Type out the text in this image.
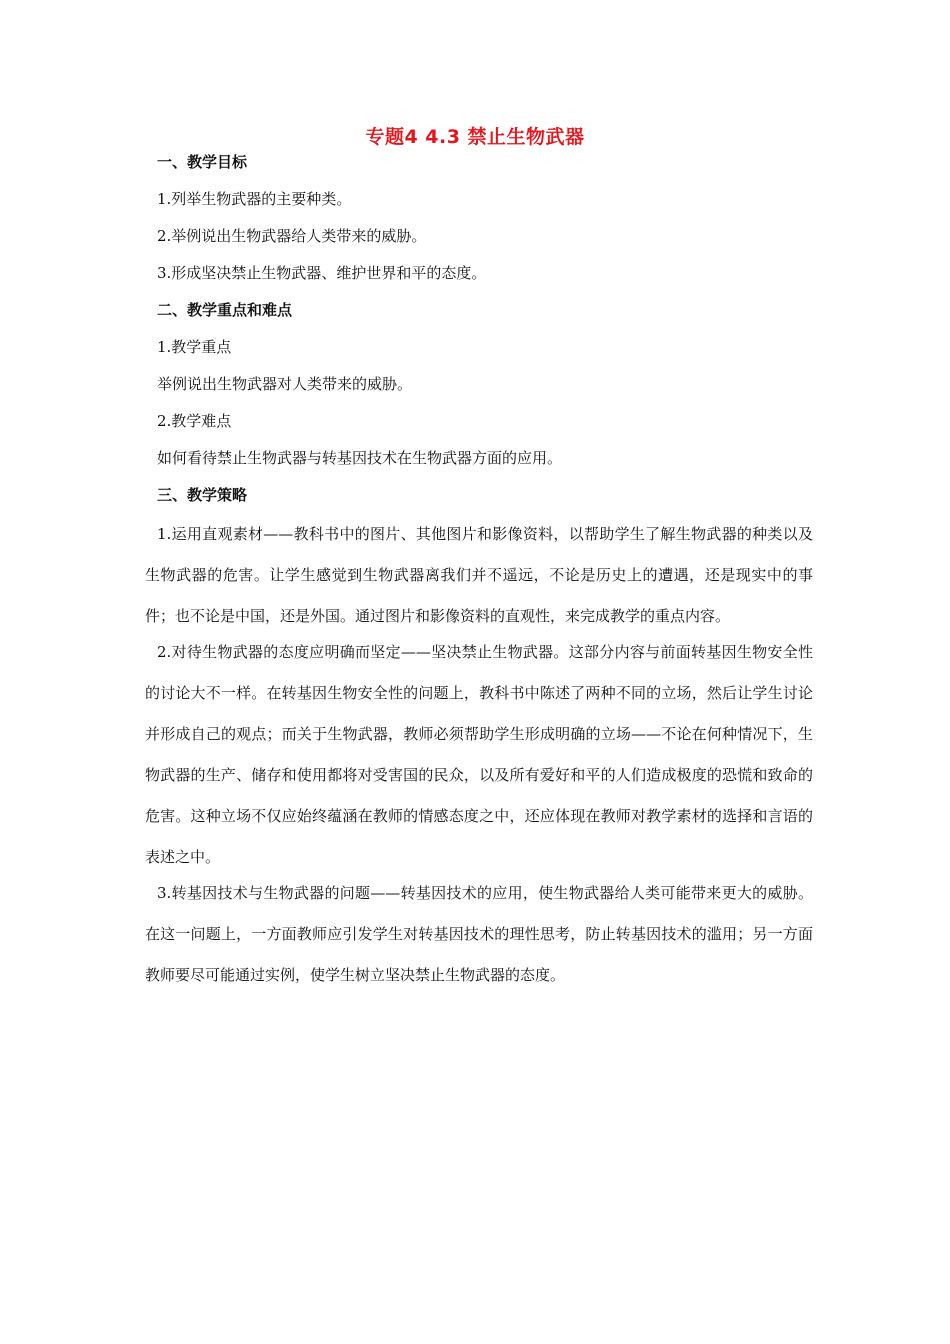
专题4 4.3 禁止生物武器
一、教学目标
1.列举生物武器的主要种类。
2.举例说出生物武器给人类带来的威胁。
3.形成坚决禁止生物武器、维护世界和平的态度。
二、教学重点和难点
1.教学重点
举例说出生物武器对人类带来的威胁。
2.教学难点
如何看待禁止生物武器与转基因技术在生物武器方面的应用。
三、教学策略
1.运用直观素材——教科书中的图片、其他图片和影像资料，以帮助学生了解生物武器的种类以及生物武器的危害。让学生感觉到生物武器离我们并不遥远，不论是历史上的遭遇，还是现实中的事件；也不论是中国，还是外国。通过图片和影像资料的直观性，来完成教学的重点内容。
2.对待生物武器的态度应明确而坚定——坚决禁止生物武器。这部分内容与前面转基因生物安全性的讨论大不一样。在转基因生物安全性的问题上，教科书中陈述了两种不同的立场，然后让学生讨论并形成自己的观点；而关于生物武器，教师必须帮助学生形成明确的立场——不论在何种情况下，生物武器的生产、储存和使用都将对受害国的民众，以及所有爱好和平的人们造成极度的恐慌和致命的危害。这种立场不仅应始终蕴涵在教师的情感态度之中，还应体现在教师对教学素材的选择和言语的表述之中。
3.转基因技术与生物武器的问题——转基因技术的应用，使生物武器给人类可能带来更大的威胁。在这一问题上，一方面教师应引发学生对转基因技术的理性思考，防止转基因技术的滥用；另一方面教师要尽可能通过实例，使学生树立坚决禁止生物武器的态度。
